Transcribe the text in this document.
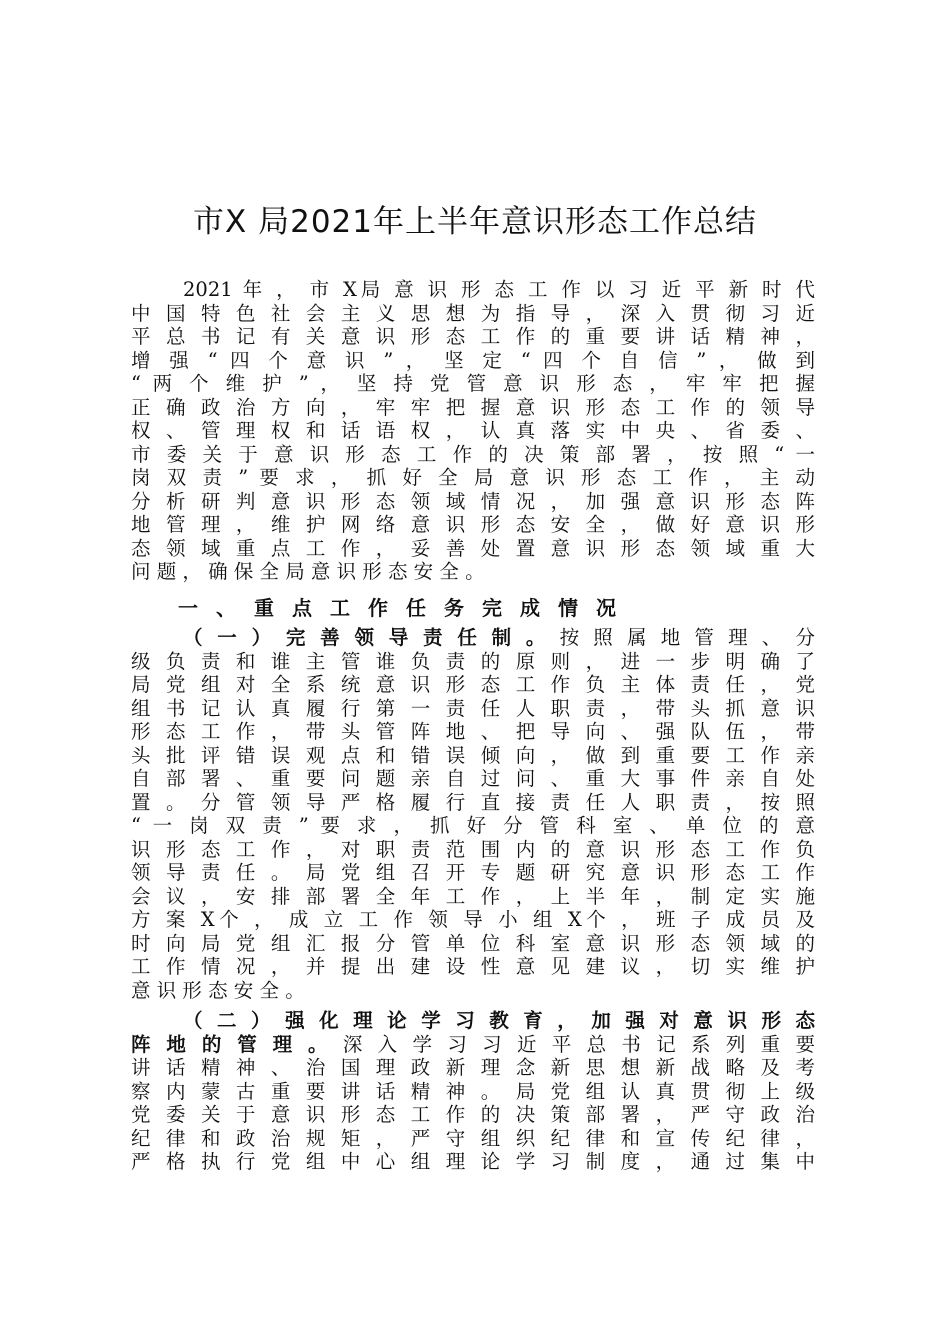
市X 局2021年上半年意识形态工作总结
2021 年 ， 市 X局 意 识 形 态 工 作 以 习 近 平 新 时 代
中 国 特 色 社 会 主 义 思 想 为 指 导 ， 深 入 贯 彻 习 近
平 总 书 记 有 关 意 识 形 态 工 作 的 重 要 讲 话 精 神 ，
增 强 “ 四 个 意 识 ” ， 坚 定 “ 四 个 自 信 ” ， 做 到
“ 两 个 维 护 ” ， 坚 持 党 管 意 识 形 态 ， 牢 牢 把 握
正 确 政 治 方 向 ， 牢 牢 把 握 意 识 形 态 工 作 的 领 导
权 、 管 理 权 和 话 语 权 ， 认 真 落 实 中 央 、 省 委 、
市 委 关 于 意 识 形 态 工 作 的 决 策 部 署 ， 按 照 “ 一
岗 双 责 ” 要 求 ， 抓 好 全 局 意 识 形 态 工 作 ， 主 动
分 析 研 判 意 识 形 态 领 域 情 况 ， 加 强 意 识 形 态 阵
地 管 理 ， 维 护 网 络 意 识 形 态 安 全 ， 做 好 意 识 形
态 领 域 重 点 工 作 ， 妥 善 处 置 意 识 形 态 领 域 重 大
问 题 ， 确 保 全 局 意 识 形 态 安 全 。
一、重点工作任务完成情况
（ 一 ） 完 善 领 导 责 任 制 。 按 照 属 地 管 理 、 分
级 负 责 和 谁 主 管 谁 负 责 的 原 则 ， 进 一 步 明 确 了
局 党 组 对 全 系 统 意 识 形 态 工 作 负 主 体 责 任 ， 党
组 书 记 认 真 履 行 第 一 责 任 人 职 责 ， 带 头 抓 意 识
形 态 工 作 ， 带 头 管 阵 地 、 把 导 向 、 强 队 伍 ， 带
头 批 评 错 误 观 点 和 错 误 倾 向 ， 做 到 重 要 工 作 亲
自 部 署 、 重 要 问 题 亲 自 过 问 、 重 大 事 件 亲 自 处
置 。 分 管 领 导 严 格 履 行 直 接 责 任 人 职 责 ， 按 照
“ 一 岗 双 责 ” 要 求 ， 抓 好 分 管 科 室 、 单 位 的 意
识 形 态 工 作 ， 对 职 责 范 围 内 的 意 识 形 态 工 作 负
领 导 责 任 。 局 党 组 召 开 专 题 研 究 意 识 形 态 工 作
会 议 ， 安 排 部 署 全 年 工 作 ， 上 半 年 ， 制 定 实 施
方 案 X个 ， 成 立 工 作 领 导 小 组 X个 ， 班 子 成 员 及
时 向 局 党 组 汇 报 分 管 单 位 科 室 意 识 形 态 领 域 的
工 作 情 况 ， 并 提 出 建 设 性 意 见 建 议 ， 切 实 维 护
意 识 形 态 安 全 。
（ 二 ） 强 化 理 论 学 习 教 育 ， 加 强 对 意 识 形 态
阵 地 的 管 理 。 深 入 学 习 习 近 平 总 书 记 系 列 重 要
讲 话 精 神 、 治 国 理 政 新 理 念 新 思 想 新 战 略 及 考
察 内 蒙 古 重 要 讲 话 精 神 。 局 党 组 认 真 贯 彻 上 级
党 委 关 于 意 识 形 态 工 作 的 决 策 部 署 ， 严 守 政 治
纪 律 和 政 治 规 矩 ， 严 守 组 织 纪 律 和 宣 传 纪 律 ，
严 格 执 行 党 组 中 心 组 理 论 学 习 制 度 ， 通 过 集 中
